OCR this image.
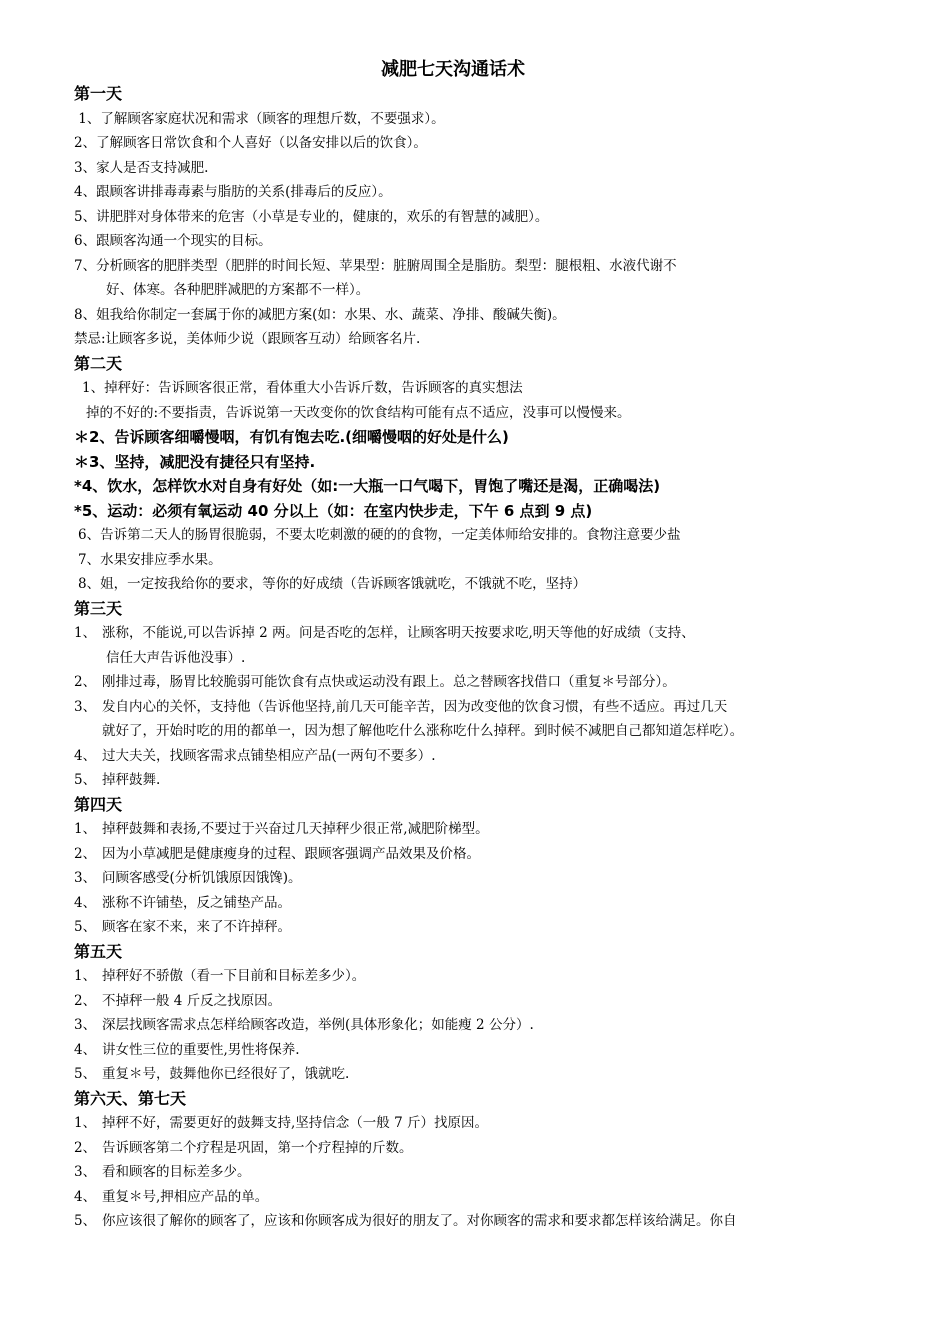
减肥七天沟通话术
第一天
1、了解顾客家庭状况和需求（顾客的理想斤数，不要强求）。
2、了解顾客日常饮食和个人喜好（以备安排以后的饮食）。
3、家人是否支持减肥.
4、跟顾客讲排毒毒素与脂肪的关系(排毒后的反应）。
5、讲肥胖对身体带来的危害（小草是专业的，健康的，欢乐的有智慧的减肥）。
6、跟顾客沟通一个现实的目标。
7、分析顾客的肥胖类型（肥胖的时间长短、苹果型：脏腑周围全是脂肪。梨型：腿根粗、水液代谢不
好、体寒。各种肥胖减肥的方案都不一样）。
8、姐我给你制定一套属于你的减肥方案(如：水果、水、蔬菜、净排、酸碱失衡)。
禁忌:让顾客多说，美体师少说（跟顾客互动）给顾客名片.
第二天
1、掉秤好：告诉顾客很正常，看体重大小告诉斤数，告诉顾客的真实想法
掉的不好的:不要指责，告诉说第一天改变你的饮食结构可能有点不适应，没事可以慢慢来。
＊2、告诉顾客细嚼慢咽，有饥有饱去吃.(细嚼慢咽的好处是什么)
＊3、坚持，减肥没有捷径只有坚持.
*4、饮水，怎样饮水对自身有好处（如:一大瓶一口气喝下，胃饱了嘴还是渴，正确喝法)
*5、运动：必须有氧运动 40 分以上（如：在室内快步走，下午 6 点到 9 点)
6、告诉第二天人的肠胃很脆弱，不要太吃刺激的硬的的食物，一定美体师给安排的。食物注意要少盐
7、水果安排应季水果。
8、姐，一定按我给你的要求，等你的好成绩（告诉顾客饿就吃，不饿就不吃，坚持）
第三天
1、 涨称，不能说,可以告诉掉 2 两。问是否吃的怎样，让顾客明天按要求吃,明天等他的好成绩（支持、
信任大声告诉他没事）.
2、 刚排过毒，肠胃比较脆弱可能饮食有点快或运动没有跟上。总之替顾客找借口（重复＊号部分）。
3、 发自内心的关怀，支持他（告诉他坚持,前几天可能辛苦，因为改变他的饮食习惯，有些不适应。再过几天
就好了，开始时吃的用的都单一，因为想了解他吃什么涨称吃什么掉秤。到时候不减肥自己都知道怎样吃）。
4、 过大夫关，找顾客需求点铺垫相应产品(一两句不要多）.
5、 掉秤鼓舞.
第四天
1、 掉秤鼓舞和表扬,不要过于兴奋过几天掉秤少很正常,减肥阶梯型。
2、 因为小草减肥是健康瘦身的过程、跟顾客强调产品效果及价格。
3、 问顾客感受(分析饥饿原因饿馋)。
4、 涨称不许铺垫，反之铺垫产品。
5、 顾客在家不来，来了不许掉秤。
第五天
1、 掉秤好不骄傲（看一下目前和目标差多少）。
2、 不掉秤一般 4 斤反之找原因。
3、 深层找顾客需求点怎样给顾客改造，举例(具体形象化；如能瘦 2 公分）.
4、 讲女性三位的重要性,男性将保养.
5、 重复＊号，鼓舞他你已经很好了，饿就吃.
第六天、第七天
1、 掉秤不好，需要更好的鼓舞支持,坚持信念（一般 7 斤）找原因。
2、 告诉顾客第二个疗程是巩固，第一个疗程掉的斤数。
3、 看和顾客的目标差多少。
4、 重复＊号,押相应产品的单。
5、 你应该很了解你的顾客了，应该和你顾客成为很好的朋友了。对你顾客的需求和要求都怎样该给满足。你自
